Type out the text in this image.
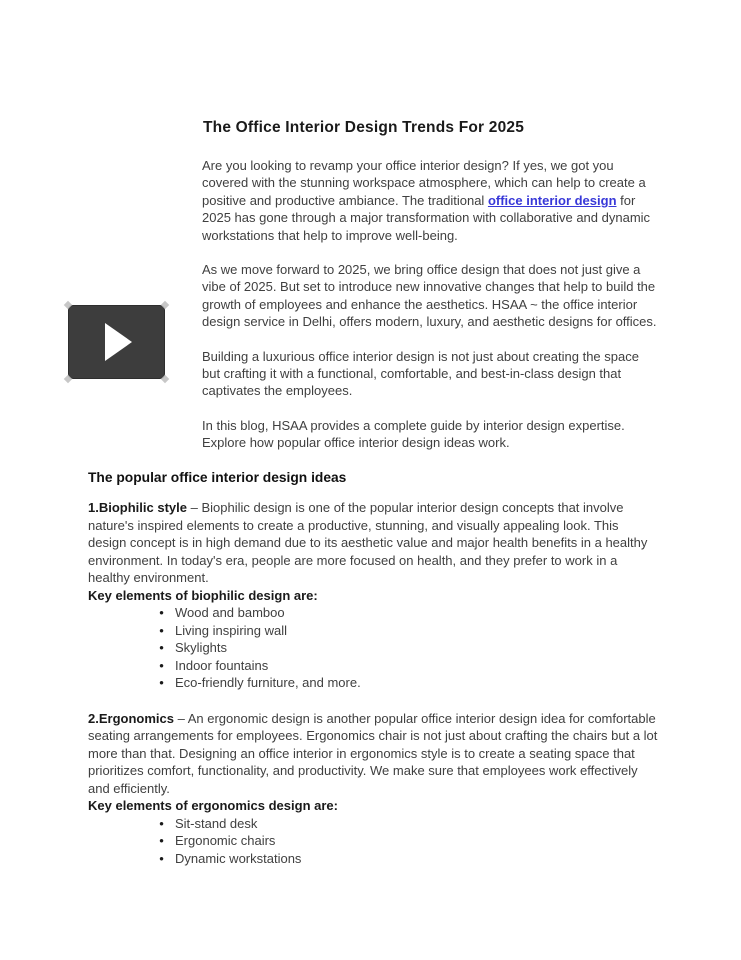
The Office Interior Design Trends For 2025

Are you looking to revamp your office interior design? If yes, we got you covered with the stunning workspace atmosphere, which can help to create a positive and productive ambiance. The traditional office interior design for 2025 has gone through a major transformation with collaborative and dynamic workstations that help to improve well-being.

As we move forward to 2025, we bring office design that does not just give a vibe of 2025. But set to introduce new innovative changes that help to build the growth of employees and enhance the aesthetics. HSAA ~ the office interior design service in Delhi, offers modern, luxury, and aesthetic designs for offices.

Building a luxurious office interior design is not just about creating the space but crafting it with a functional, comfortable, and best-in-class design that captivates the employees.

In this blog, HSAA provides a complete guide by interior design expertise. Explore how popular office interior design ideas work.

The popular office interior design ideas

1.Biophilic style – Biophilic design is one of the popular interior design concepts that involve nature's inspired elements to create a productive, stunning, and visually appealing look. This design concept is in high demand due to its aesthetic value and major health benefits in a healthy environment. In today's era, people are more focused on health, and they prefer to work in a healthy environment.

Key elements of biophilic design are:

• Wood and bamboo
• Living inspiring wall
• Skylights
• Indoor fountains
• Eco-friendly furniture, and more.

2.Ergonomics – An ergonomic design is another popular office interior design idea for comfortable seating arrangements for employees. Ergonomics chair is not just about crafting the chairs but a lot more than that. Designing an office interior in ergonomics style is to create a seating space that prioritizes comfort, functionality, and productivity. We make sure that employees work effectively and efficiently.

Key elements of ergonomics design are:

• Sit-stand desk
• Ergonomic chairs
• Dynamic workstations
